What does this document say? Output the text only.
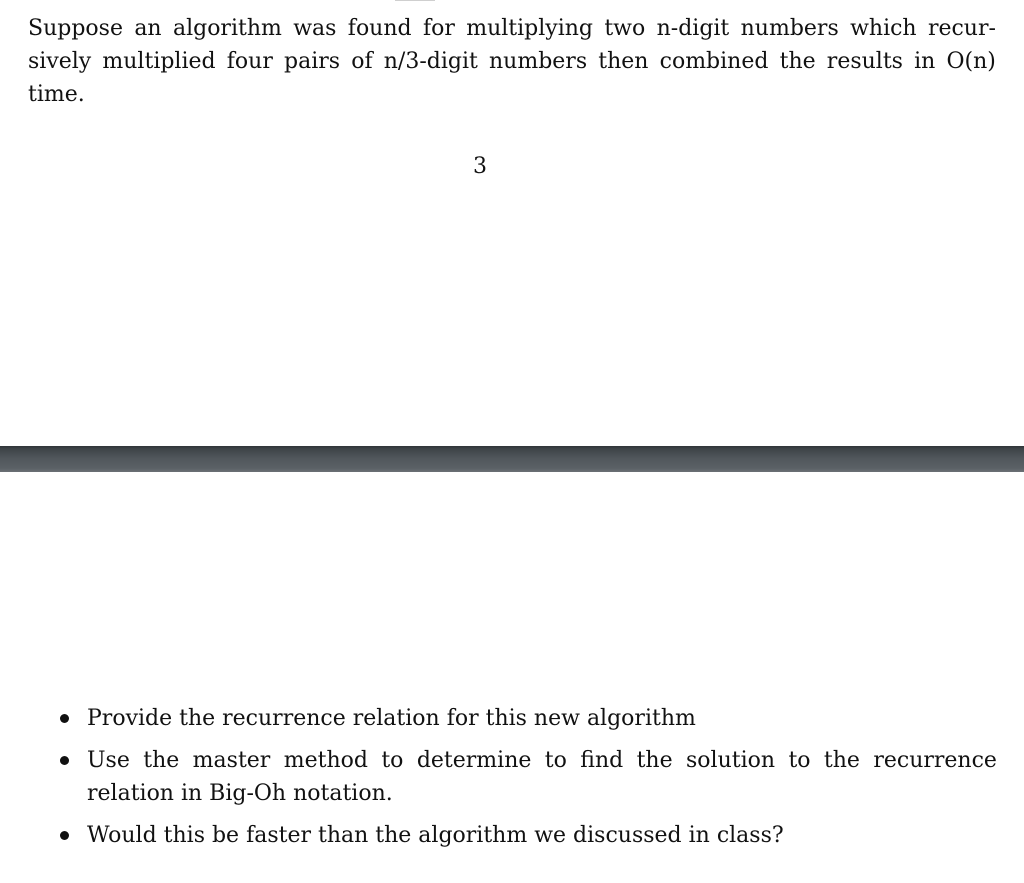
Suppose an algorithm was found for multiplying two n-digit numbers which recur-
sively multiplied four pairs of n/3-digit numbers then combined the results in O(n)
time.
3
Provide the recurrence relation for this new algorithm
Use the master method to determine to find the solution to the recurrence
relation in Big-Oh notation.
Would this be faster than the algorithm we discussed in class?
